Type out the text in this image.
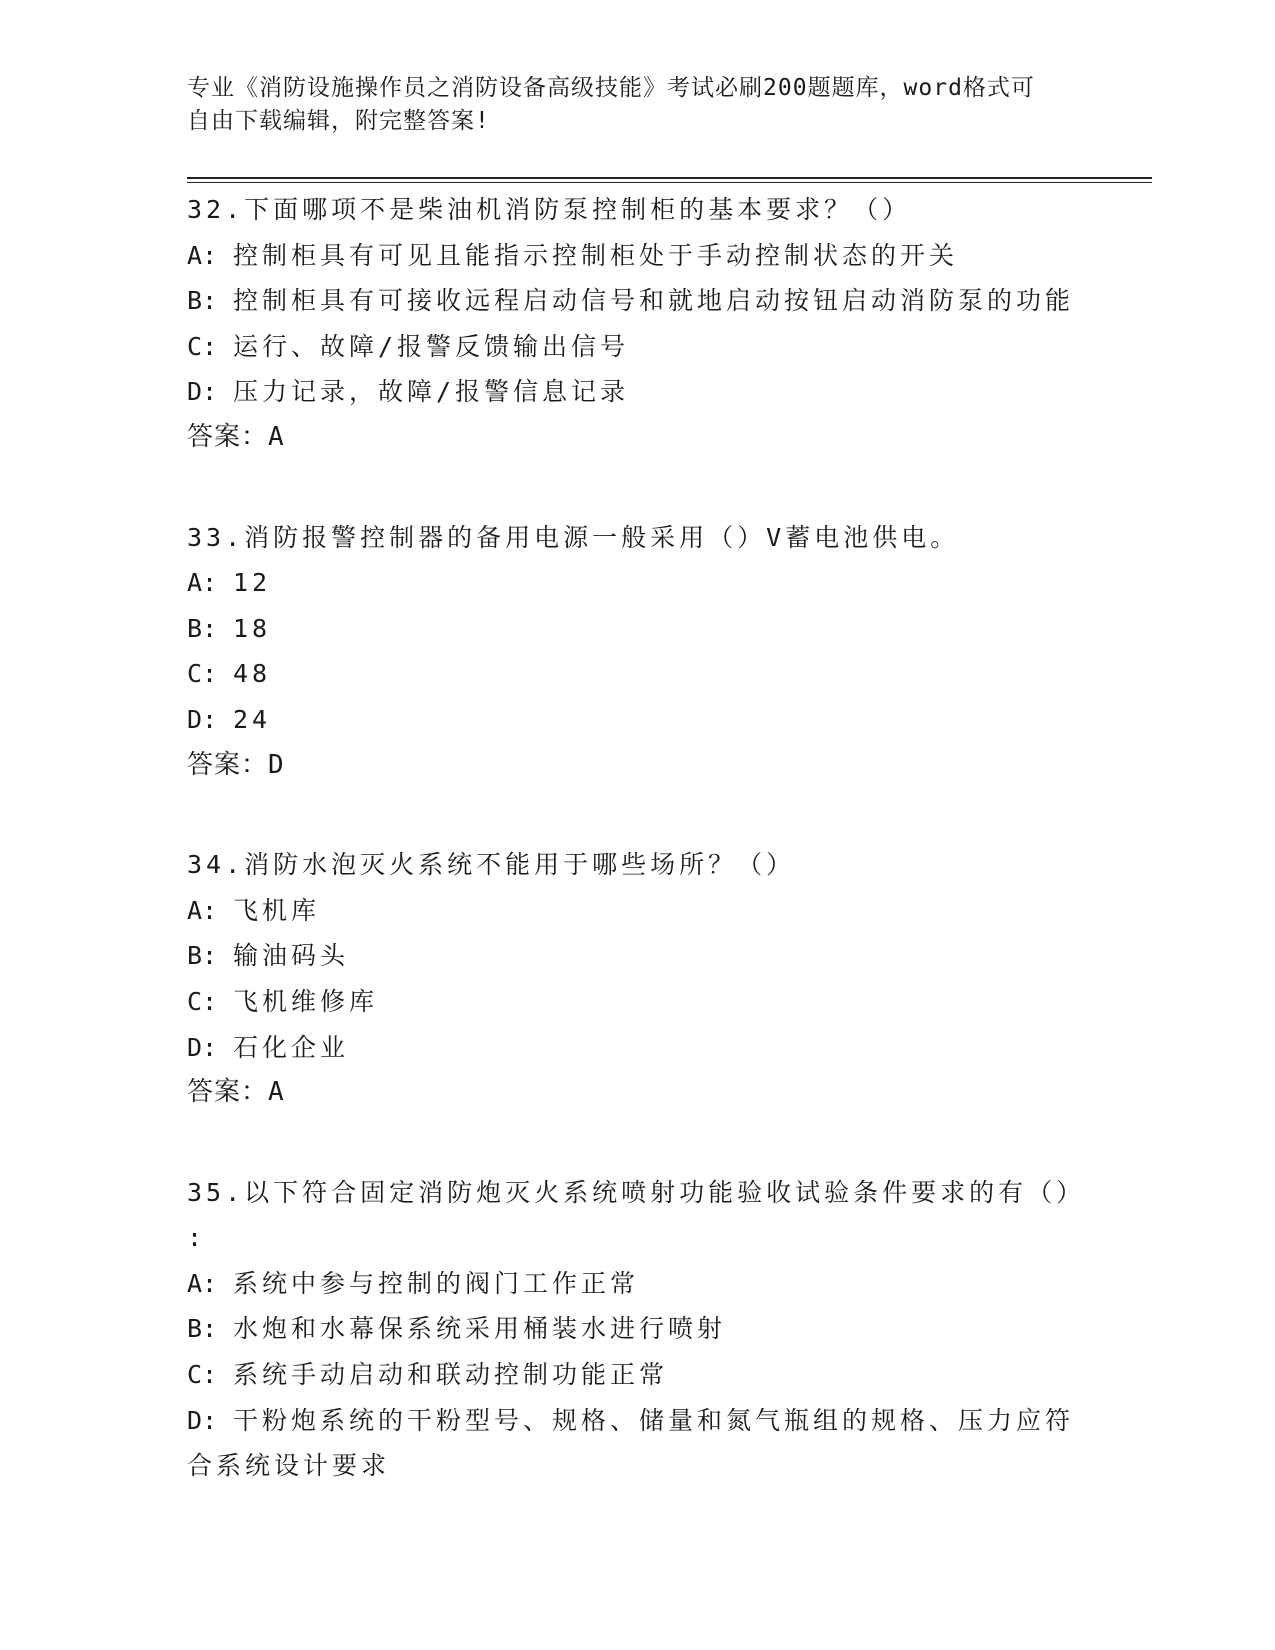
专业《消防设施操作员之消防设备高级技能》考试必刷200题题库，word格式可
自由下载编辑，附完整答案!
32.下面哪项不是柴油机消防泵控制柜的基本要求？（）
A: 控制柜具有可见且能指示控制柜处于手动控制状态的开关
B: 控制柜具有可接收远程启动信号和就地启动按钮启动消防泵的功能
C: 运行、故障/报警反馈输出信号
D: 压力记录，故障/报警信息记录
答案：A
33.消防报警控制器的备用电源一般采用（）V蓄电池供电。
A: 12
B: 18
C: 48
D: 24
答案：D
34.消防水泡灭火系统不能用于哪些场所？（）
A: 飞机库
B: 输油码头
C: 飞机维修库
D: 石化企业
答案：A
35.以下符合固定消防炮灭火系统喷射功能验收试验条件要求的有（）
:
A: 系统中参与控制的阀门工作正常
B: 水炮和水幕保系统采用桶装水进行喷射
C: 系统手动启动和联动控制功能正常
D: 干粉炮系统的干粉型号、规格、储量和氮气瓶组的规格、压力应符
合系统设计要求
